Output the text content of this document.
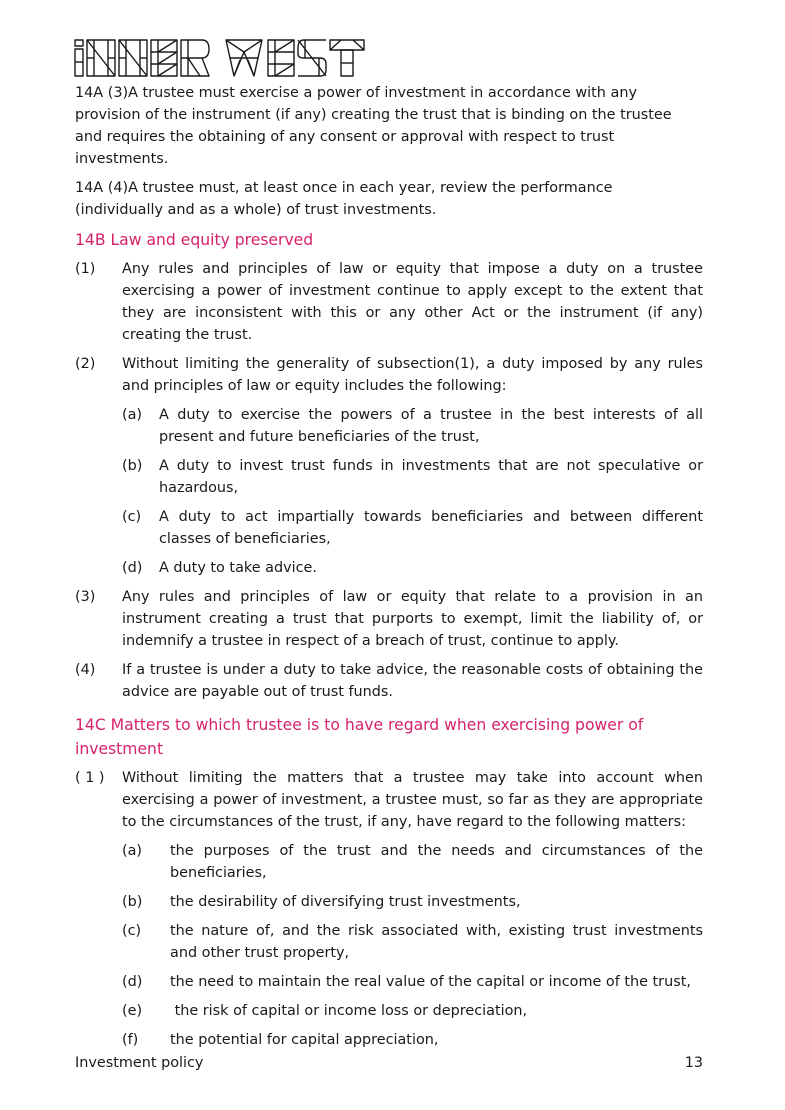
14A (3)A trustee must exercise a power of investment in accordance with any provision of the instrument (if any) creating the trust that is binding on the trustee and requires the obtaining of any consent or approval with respect to trust investments.

14A (4)A trustee must, at least once in each year, review the performance (individually and as a whole) of trust investments.

14B Law and equity preserved
(1)	Any rules and principles of law or equity that impose a duty on a trustee exercising a power of investment continue to apply except to the extent that they are inconsistent with this or any other Act or the instrument (if any) creating the trust.
(2)	Without limiting the generality of subsection(1), a duty imposed by any rules and principles of law or equity includes the following:
(a)	A duty to exercise the powers of a trustee in the best interests of all present and future beneficiaries of the trust,
(b)	A duty to invest trust funds in investments that are not speculative or hazardous,
(c)	A duty to act impartially towards beneficiaries and between different classes of beneficiaries,
(d)	A duty to take advice.
(3)	Any rules and principles of law or equity that relate to a provision in an instrument creating a trust that purports to exempt, limit the liability of, or indemnify a trustee in respect of a breach of trust, continue to apply.
(4)	If a trustee is under a duty to take advice, the reasonable costs of obtaining the advice are payable out of trust funds.
14C Matters to which trustee is to have regard when exercising power of investment
( 1 )	Without limiting the matters that a trustee may take into account when exercising a power of investment, a trustee must, so far as they are appropriate to the circumstances of the trust, if any, have regard to the following matters:
(a)	the purposes of the trust and the needs and circumstances of the beneficiaries,
(b)	the desirability of diversifying trust investments,
(c)	the nature of, and the risk associated with, existing trust investments and other trust property,
(d)	the need to maintain the real value of the capital or income of the trust,
(e)	the risk of capital or income loss or depreciation,
(f)	the potential for capital appreciation,
Investment policy	13
